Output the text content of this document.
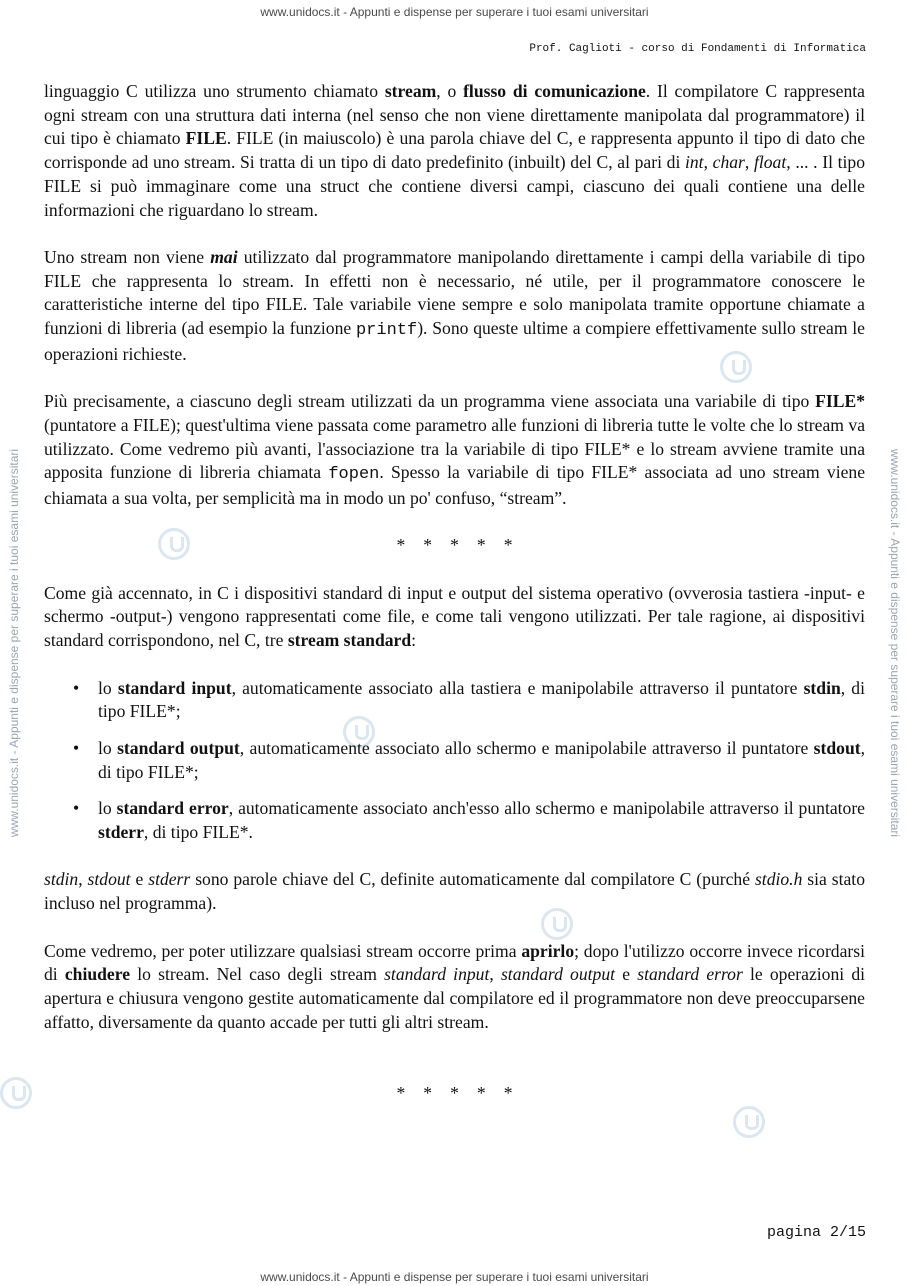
www.unidocs.it - Appunti e dispense per superare i tuoi esami universitari
www.unidocs.it - Appunti e dispense per superare i tuoi esami universitari
www.unidocs.it - Appunti e dispense per superare i tuoi esami universitari	www.unidocs.it - Appunti e dispense per superare i tuoi esami universitari
Prof. Caglioti - corso di Fondamenti di Informatica

linguaggio C utilizza uno strumento chiamato stream, o flusso di comunicazione. Il compilatore C rappresenta ogni stream con una struttura dati interna (nel senso che non viene direttamente manipolata dal programmatore) il cui tipo è chiamato FILE. FILE (in maiuscolo) è una parola chiave del C, e rappresenta appunto il tipo di dato che corrisponde ad uno stream. Si tratta di un tipo di dato predefinito (inbuilt) del C, al pari di int, char, float, ... . Il tipo FILE si può immaginare come una struct che contiene diversi campi, ciascuno dei quali contiene una delle informazioni che riguardano lo stream.

Uno stream non viene mai utilizzato dal programmatore manipolando direttamente i campi della variabile di tipo FILE che rappresenta lo stream. In effetti non è necessario, né utile, per il programmatore conoscere le caratteristiche interne del tipo FILE. Tale variabile viene sempre e solo manipolata tramite opportune chiamate a funzioni di libreria (ad esempio la funzione printf). Sono queste ultime a compiere effettivamente sullo stream le operazioni richieste.

Più precisamente, a ciascuno degli stream utilizzati da un programma viene associata una variabile di tipo FILE* (puntatore a FILE); quest'ultima viene passata come parametro alle funzioni di libreria tutte le volte che lo stream va utilizzato. Come vedremo più avanti, l'associazione tra la variabile di tipo FILE* e lo stream avviene tramite una apposita funzione di libreria chiamata fopen. Spesso la variabile di tipo FILE* associata ad uno stream viene chiamata a sua volta, per semplicità ma in modo un po' confuso, “stream”.

* * * * *

Come già accennato, in C i dispositivi standard di input e output del sistema operativo (ovverosia tastiera -input- e schermo -output-) vengono rappresentati come file, e come tali vengono utilizzati. Per tale ragione, ai dispositivi standard corrispondono, nel C, tre stream standard:

• lo standard input, automaticamente associato alla tastiera e manipolabile attraverso il puntatore stdin, di tipo FILE*;
• lo standard output, automaticamente associato allo schermo e manipolabile attraverso il puntatore stdout, di tipo FILE*;
• lo standard error, automaticamente associato anch'esso allo schermo e manipolabile attraverso il puntatore stderr, di tipo FILE*.

stdin, stdout e stderr sono parole chiave del C, definite automaticamente dal compilatore C (purché stdio.h sia stato incluso nel programma).

Come vedremo, per poter utilizzare qualsiasi stream occorre prima aprirlo; dopo l'utilizzo occorre invece ricordarsi di chiudere lo stream. Nel caso degli stream standard input, standard output e standard error le operazioni di apertura e chiusura vengono gestite automaticamente dal compilatore ed il programmatore non deve preoccuparsene affatto, diversamente da quanto accade per tutti gli altri stream.

* * * * *
pagina 2/15
